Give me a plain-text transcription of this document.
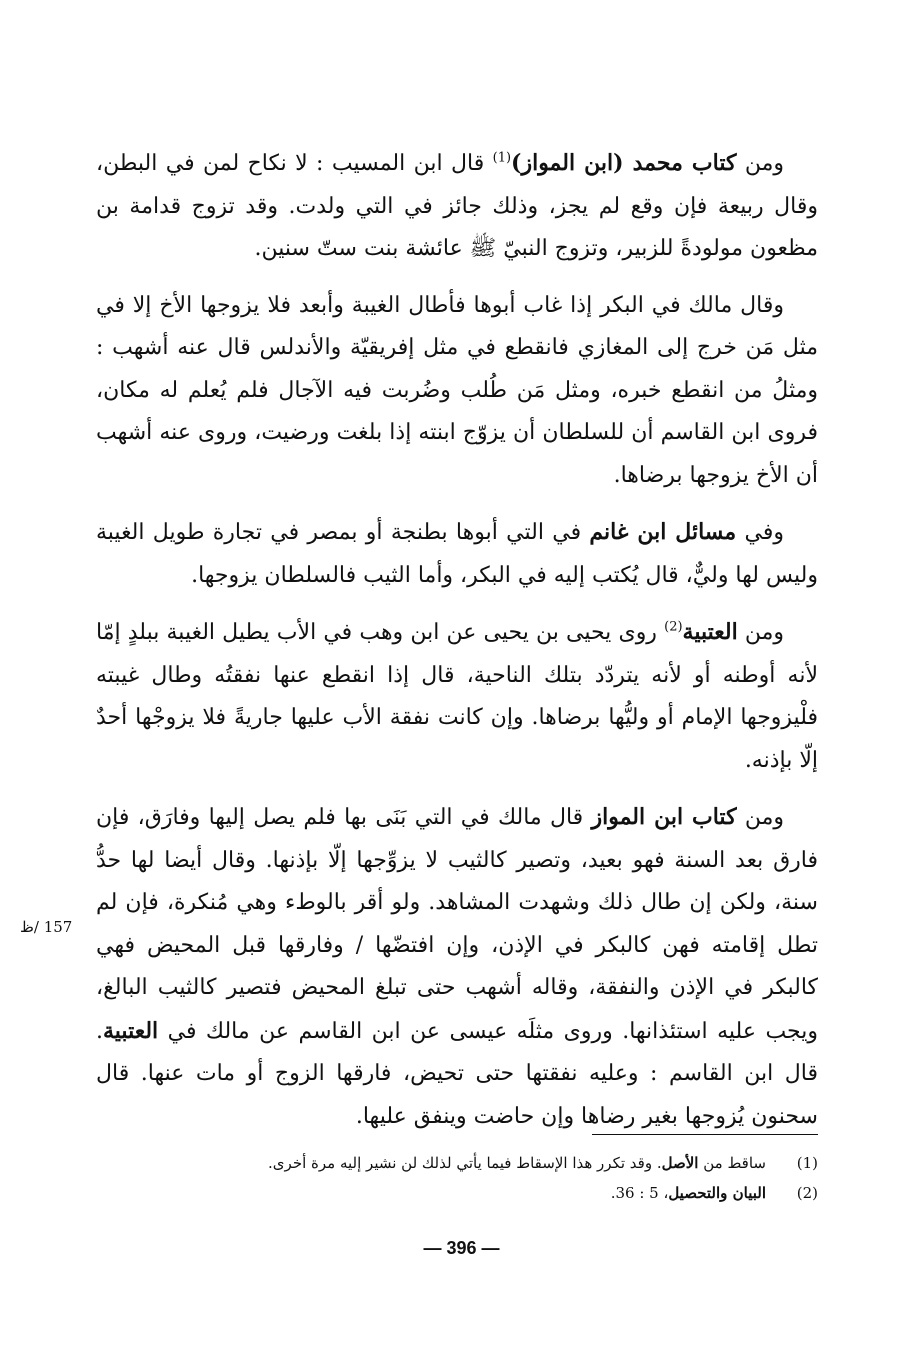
ومن كتاب محمد (ابن المواز)$^{(1)}$ قال ابن المسيب : لا نكاح لمن في البطن، وقال ربيعة فإن وقع لم يجز، وذلك جائز في التي ولدت. وقد تزوج قدامة بن مظعون مولودةً للزبير، وتزوج النبيّ ﷺ عائشة بنت ستّ سنين.

وقال مالك في البكر إذا غاب أبوها فأطال الغيبة وأبعد فلا يزوجها الأخ إلا في مثل مَن خرج إلى المغازي فانقطع في مثل إفريقيّة والأندلس قال عنه أشهب : ومثلُ من انقطع خبره، ومثل مَن طُلب وضُربت فيه الآجال فلم يُعلم له مكان، فروى ابن القاسم أن للسلطان أن يزوّج ابنته إذا بلغت ورضيت، وروى عنه أشهب أن الأخ يزوجها برضاها.

وفي مسائل ابن غانم في التي أبوها بطنجة أو بمصر في تجارة طويل الغيبة وليس لها وليٌّ، قال يُكتب إليه في البكر، وأما الثيب فالسلطان يزوجها.

ومن العتبية$^{(2)}$ روى يحيى بن يحيى عن ابن وهب في الأب يطيل الغيبة ببلدٍ إمّا لأنه أوطنه أو لأنه يتردّد بتلك الناحية، قال إذا انقطع عنها نفقتُه وطال غيبته فلْيزوجها الإمام أو وليُّها برضاها. وإن كانت نفقة الأب عليها جاريةً فلا يزوجْها أحدٌ إلّا بإذنه.

ومن كتاب ابن المواز قال مالك في التي بَنَى بها فلم يصل إليها وفارَق، فإن فارق بعد السنة فهو بعيد، وتصير كالثيب لا يزوِّجها إلّا بإذنها. وقال أيضا لها حدُّ سنة، ولكن إن طال ذلك وشهدت المشاهد. ولو أقر بالوطء وهي مُنكرة، فإن لم تطل إقامته فهن كالبكر في الإذن، وإن افتضّها / وفارقها قبل المحيض فهي كالبكر في الإذن والنفقة، وقاله أشهب حتى تبلغ المحيض فتصير كالثيب البالغ، ويجب عليه استئذانها. وروى مثلَه عيسى عن ابن القاسم عن مالك في العتبية. قال ابن القاسم : وعليه نفقتها حتى تحيض، فارقها الزوج أو مات عنها. قال سحنون يُزوجها بغير رضاها وإن حاضت وينفق عليها.

157 /ظ
(1)
ساقط من الأصل. وقد تكرر هذا الإسقاط فيما يأتي لذلك لن نشير إليه مرة أخرى.
(2)
البيان والتحصيل، 5 : 36.
— 396 —
